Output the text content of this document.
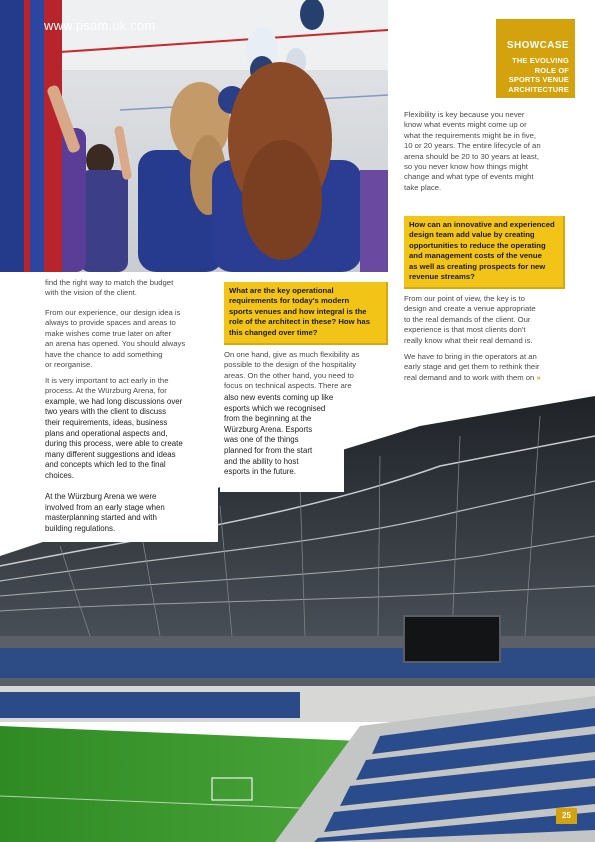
www.psam.uk.com
SHOWCASE
THE EVOLVING
ROLE OF
SPORTS VENUE
ARCHITECTURE
Flexibility is key because you never
know what events might come up or
what the requirements might be in five,
10 or 20 years. The entire lifecycle of an
arena should be 20 to 30 years at least,
so you never know how things might
change and what type of events might
take place.
How can an innovative and experienced
design team add value by creating
opportunities to reduce the operating
and management costs of the venue
as well as creating prospects for new
revenue streams?
From our point of view, the key is to
design and create a venue appropriate
to the real demands of the client. Our
experience is that most clients don't
really know what their real demand is.
We have to bring in the operators at an
early stage and get them to rethink their
real demand and to work with them on »
find the right way to match the budget
with the vision of the client.
From our experience, our design idea is
always to provide spaces and areas to
make wishes come true later on after
an arena has opened. You should always
have the chance to add something
or reorganise.
It is very important to act early in the
process. At the Würzburg Arena, for
example, we had long discussions over
two years with the client to discuss
their requirements, ideas, business
plans and operational aspects and,
during this process, were able to create
many different suggestions and ideas
and concepts which led to the final
choices.
At the Würzburg Arena we were
involved from an early stage when
masterplanning started and with
building regulations.
What are the key operational
requirements for today's modern
sports venues and how integral is the
role of the architect in these? How has
this changed over time?
On one hand, give as much flexibility as
possible to the design of the hospitality
areas. On the other hand, you need to
focus on technical aspects. There are
also new events coming up like
esports which we recognised
from the beginning at the
Würzburg Arena. Esports
was one of the things
planned for from the start
and the ability to host
esports in the future.
25
